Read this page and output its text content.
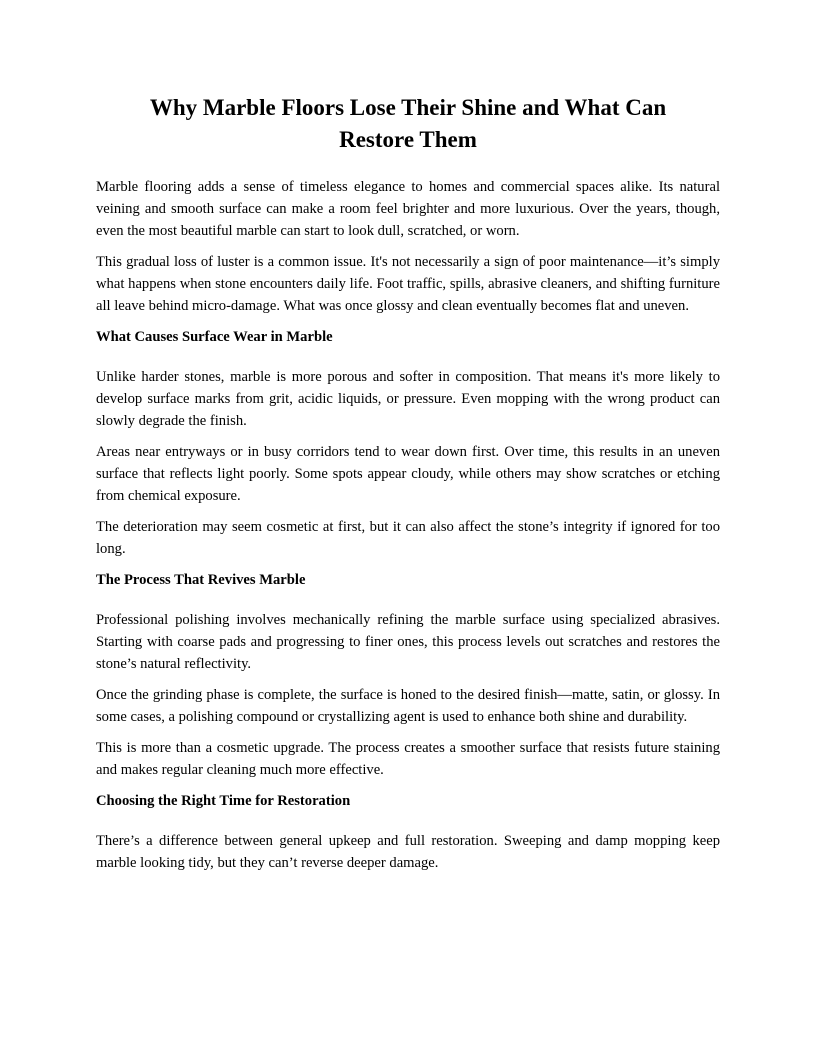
Why Marble Floors Lose Their Shine and What Can Restore Them

Marble flooring adds a sense of timeless elegance to homes and commercial spaces alike. Its natural veining and smooth surface can make a room feel brighter and more luxurious. Over the years, though, even the most beautiful marble can start to look dull, scratched, or worn.

This gradual loss of luster is a common issue. It's not necessarily a sign of poor maintenance—it’s simply what happens when stone encounters daily life. Foot traffic, spills, abrasive cleaners, and shifting furniture all leave behind micro-damage. What was once glossy and clean eventually becomes flat and uneven.

What Causes Surface Wear in Marble

Unlike harder stones, marble is more porous and softer in composition. That means it's more likely to develop surface marks from grit, acidic liquids, or pressure. Even mopping with the wrong product can slowly degrade the finish.

Areas near entryways or in busy corridors tend to wear down first. Over time, this results in an uneven surface that reflects light poorly. Some spots appear cloudy, while others may show scratches or etching from chemical exposure.

The deterioration may seem cosmetic at first, but it can also affect the stone’s integrity if ignored for too long.

The Process That Revives Marble

Professional polishing involves mechanically refining the marble surface using specialized abrasives. Starting with coarse pads and progressing to finer ones, this process levels out scratches and restores the stone’s natural reflectivity.

Once the grinding phase is complete, the surface is honed to the desired finish—matte, satin, or glossy. In some cases, a polishing compound or crystallizing agent is used to enhance both shine and durability.

This is more than a cosmetic upgrade. The process creates a smoother surface that resists future staining and makes regular cleaning much more effective.

Choosing the Right Time for Restoration

There’s a difference between general upkeep and full restoration. Sweeping and damp mopping keep marble looking tidy, but they can’t reverse deeper damage.
